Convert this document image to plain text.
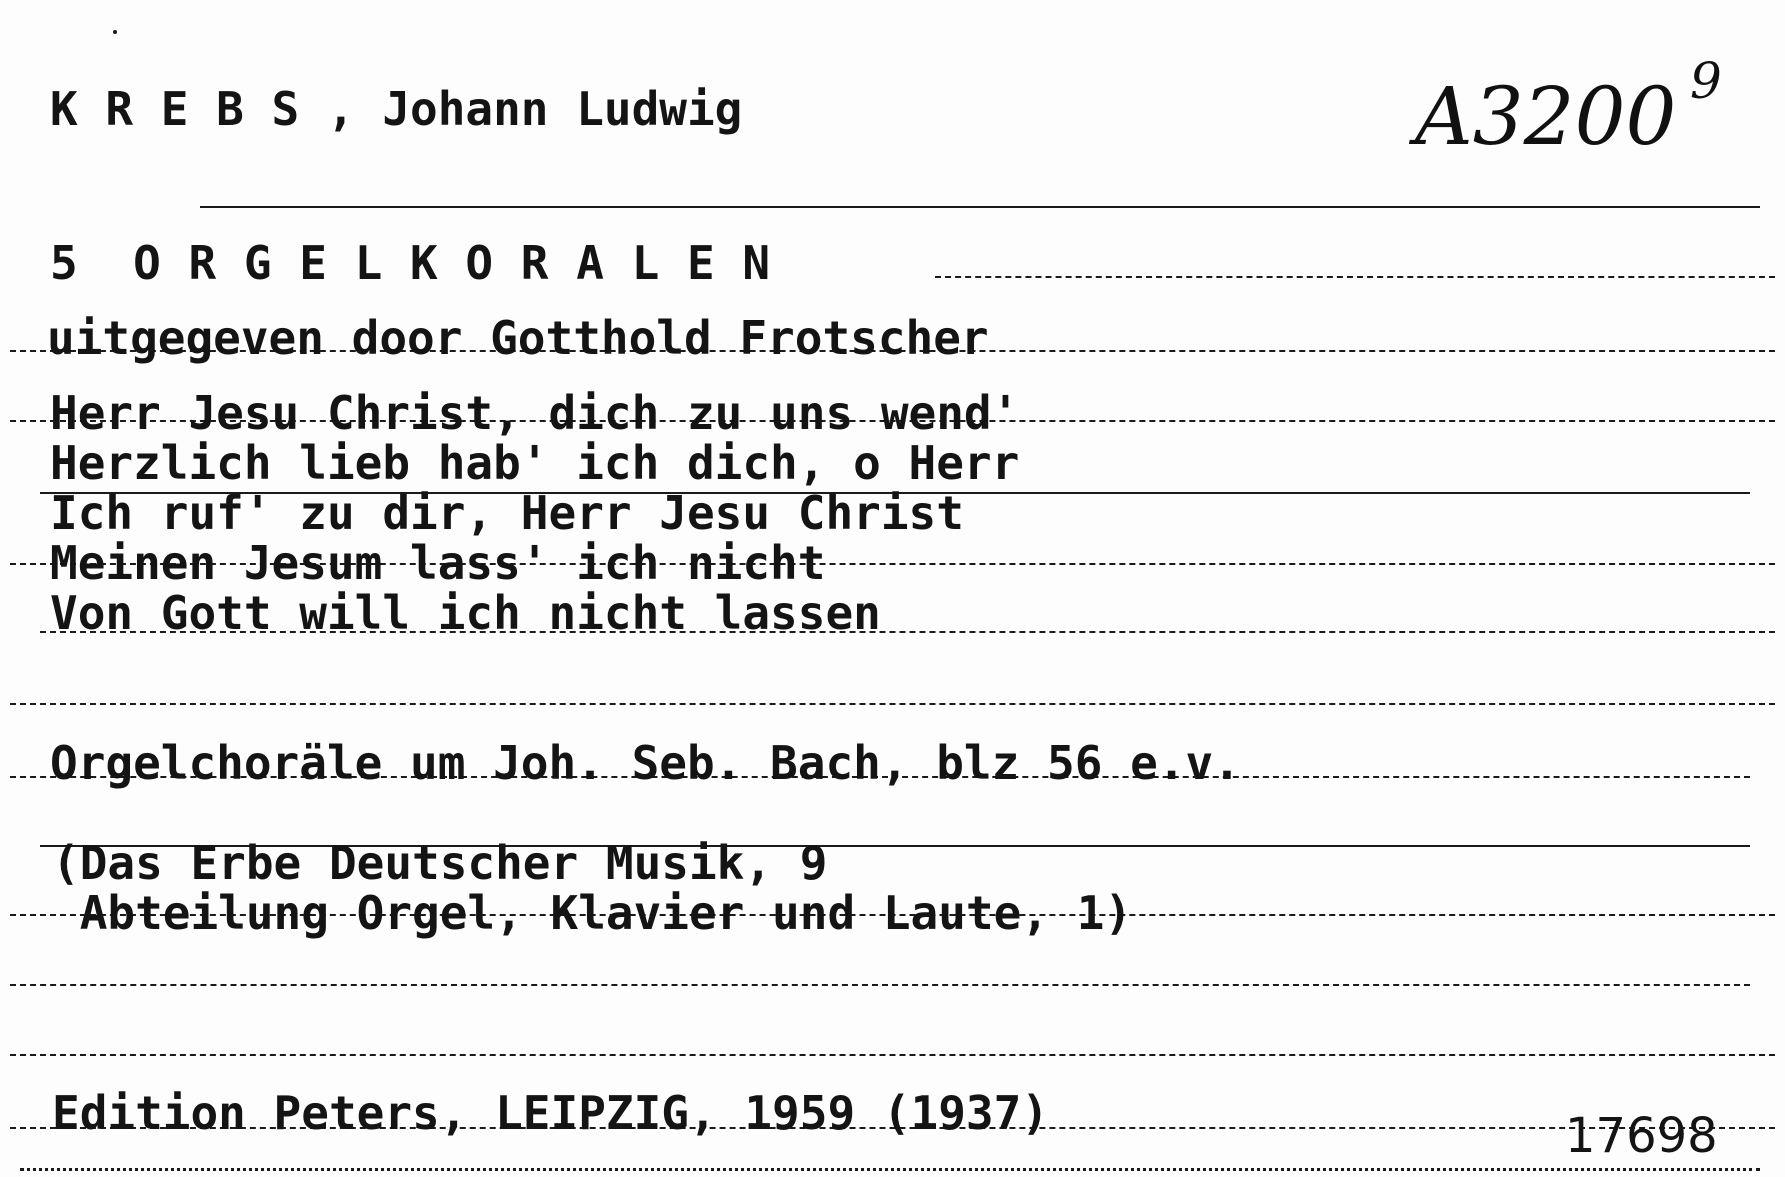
K R E B S , Johann Ludwig	A3200 9
5  O R G E L K O R A L E N
uitgegeven door Gotthold Frotscher
Herr Jesu Christ, dich zu uns wend'
Herzlich lieb hab' ich dich, o Herr
Ich ruf' zu dir, Herr Jesu Christ
Meinen Jesum lass' ich nicht
Von Gott will ich nicht lassen
Orgelchoräle um Joh. Seb. Bach, blz 56 e.v.
(Das Erbe Deutscher Musik, 9
Abteilung Orgel, Klavier und Laute, 1)
Edition Peters, LEIPZIG, 1959 (1937)	17698
